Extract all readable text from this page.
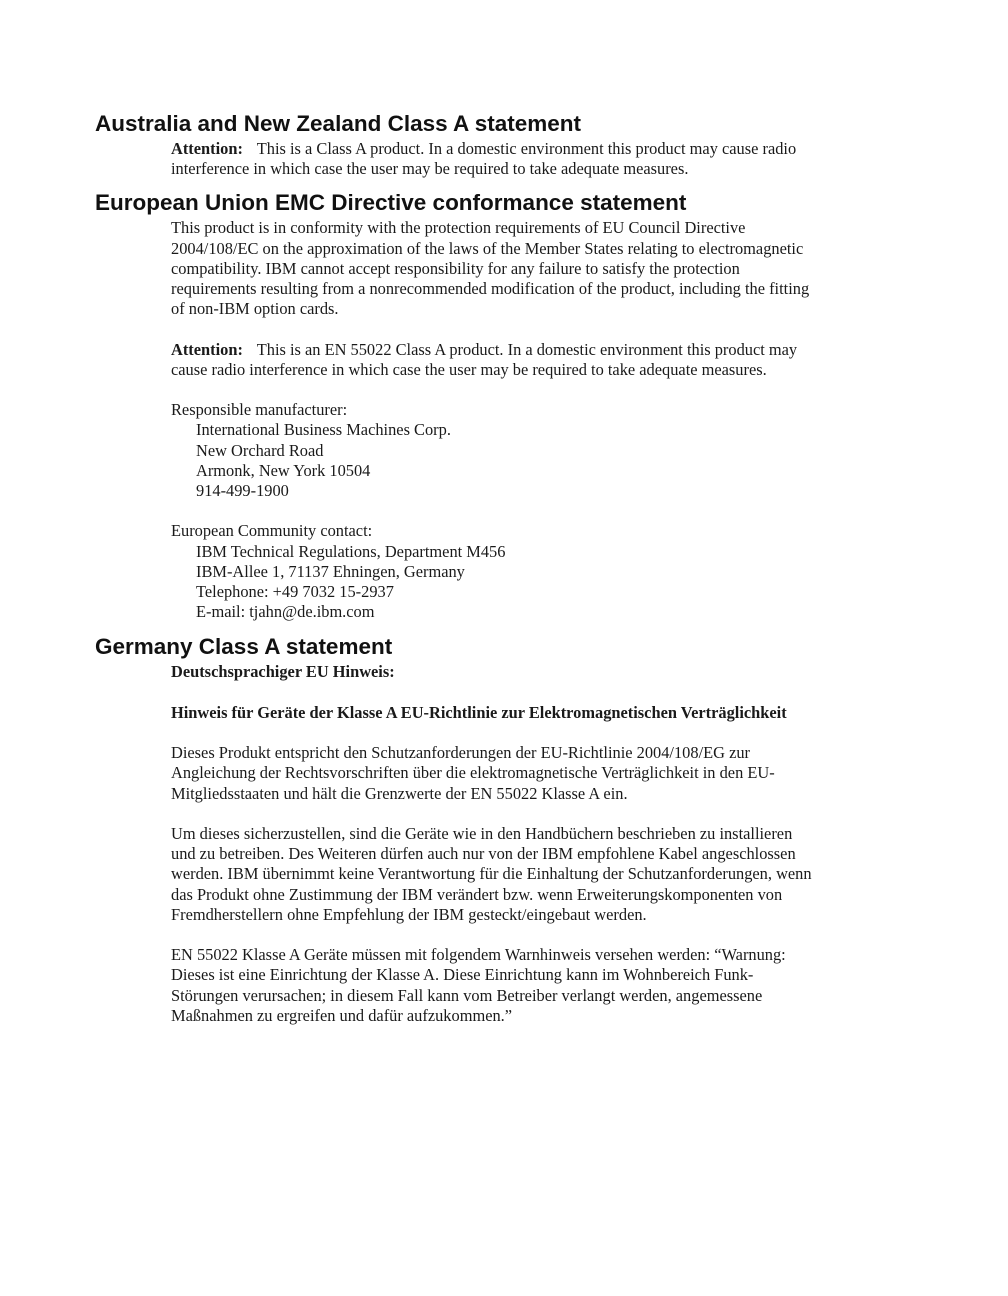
Australia and New Zealand Class A statement

Attention: This is a Class A product. In a domestic environment this product may cause radio interference in which case the user may be required to take adequate measures.

European Union EMC Directive conformance statement

This product is in conformity with the protection requirements of EU Council Directive 2004/108/EC on the approximation of the laws of the Member States relating to electromagnetic compatibility. IBM cannot accept responsibility for any failure to satisfy the protection requirements resulting from a nonrecommended modification of the product, including the fitting of non-IBM option cards.

Attention: This is an EN 55022 Class A product. In a domestic environment this product may cause radio interference in which case the user may be required to take adequate measures.

Responsible manufacturer:

International Business Machines Corp.

New Orchard Road

Armonk, New York 10504

914-499-1900

European Community contact:

IBM Technical Regulations, Department M456

IBM-Allee 1, 71137 Ehningen, Germany

Telephone: +49 7032 15-2937

E-mail: tjahn@de.ibm.com

Germany Class A statement

Deutschsprachiger EU Hinweis:

Hinweis für Geräte der Klasse A EU-Richtlinie zur Elektromagnetischen Verträglichkeit

Dieses Produkt entspricht den Schutzanforderungen der EU-Richtlinie 2004/108/EG zur Angleichung der Rechtsvorschriften über die elektromagnetische Verträglichkeit in den EU-Mitgliedsstaaten und hält die Grenzwerte der EN 55022 Klasse A ein.

Um dieses sicherzustellen, sind die Geräte wie in den Handbüchern beschrieben zu installieren und zu betreiben. Des Weiteren dürfen auch nur von der IBM empfohlene Kabel angeschlossen werden. IBM übernimmt keine Verantwortung für die Einhaltung der Schutzanforderungen, wenn das Produkt ohne Zustimmung der IBM verändert bzw. wenn Erweiterungskomponenten von Fremdherstellern ohne Empfehlung der IBM gesteckt/eingebaut werden.

EN 55022 Klasse A Geräte müssen mit folgendem Warnhinweis versehen werden: “Warnung: Dieses ist eine Einrichtung der Klasse A. Diese Einrichtung kann im Wohnbereich Funk-Störungen verursachen; in diesem Fall kann vom Betreiber verlangt werden, angemessene Maßnahmen zu ergreifen und dafür aufzukommen.”
